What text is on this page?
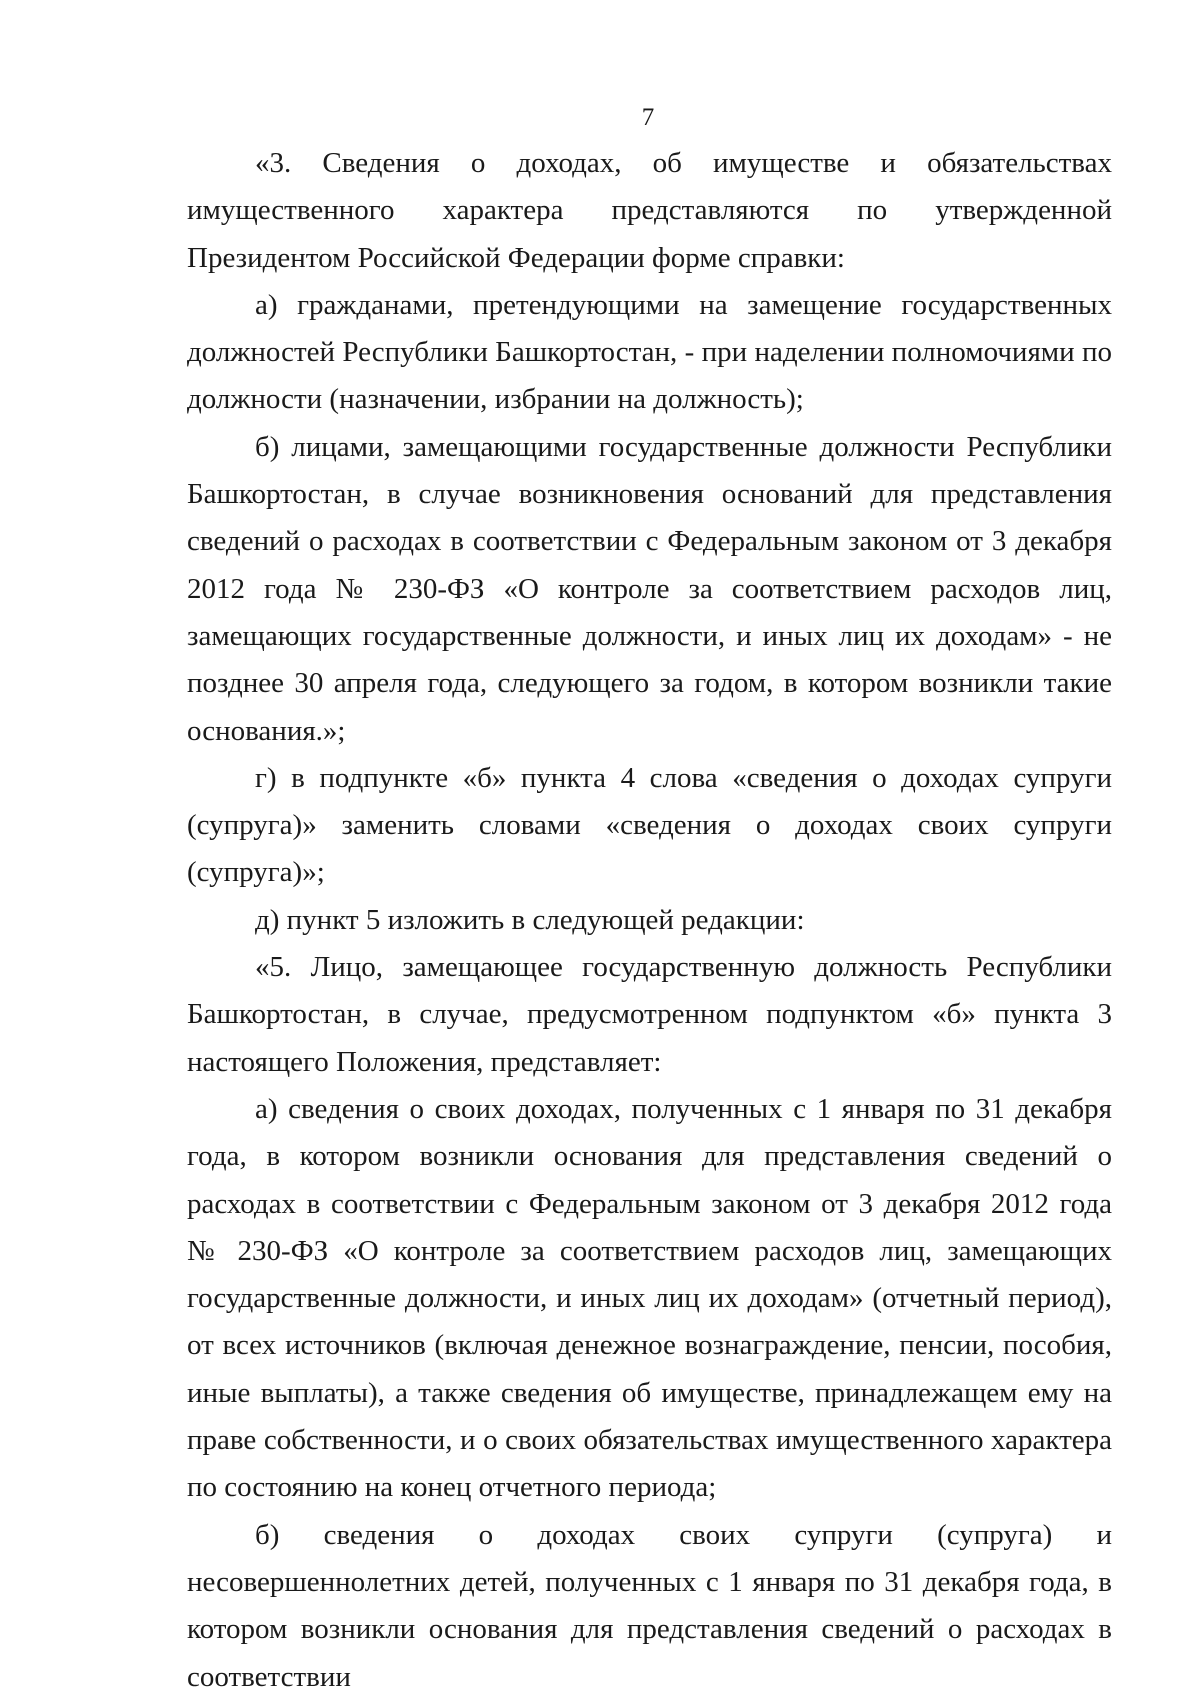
7

«3. Сведения о доходах, об имуществе и обязательствах имущественного характера представляются по утвержденной Президентом Российской Федерации форме справки:

а) гражданами, претендующими на замещение государственных должностей Республики Башкортостан, - при наделении полномочиями по должности (назначении, избрании на должность);

б) лицами, замещающими государственные должности Республики Башкортостан, в случае возникновения оснований для представления сведений о расходах в соответствии с Федеральным законом от 3 декабря 2012 года № 230-ФЗ «О контроле за соответствием расходов лиц, замещающих государственные должности, и иных лиц их доходам» - не позднее 30 апреля года, следующего за годом, в котором возникли такие основания.»;

г) в подпункте «б» пункта 4 слова «сведения о доходах супруги (супруга)» заменить словами «сведения о доходах своих супруги (супруга)»;

д) пункт 5 изложить в следующей редакции:

«5. Лицо, замещающее государственную должность Республики Башкортостан, в случае, предусмотренном подпунктом «б» пункта 3 настоящего Положения, представляет:

а) сведения о своих доходах, полученных с 1 января по 31 декабря года, в котором возникли основания для представления сведений о расходах в соответствии с Федеральным законом от 3 декабря 2012 года № 230-ФЗ «О контроле за соответствием расходов лиц, замещающих государственные должности, и иных лиц их доходам» (отчетный период), от всех источников (включая денежное вознаграждение, пенсии, пособия, иные выплаты), а также сведения об имуществе, принадлежащем ему на праве собственности, и о своих обязательствах имущественного характера по состоянию на конец отчетного периода;

б) сведения о доходах своих супруги (супруга) и несовершеннолетних детей, полученных с 1 января по 31 декабря года, в котором возникли основания для представления сведений о расходах в соответствии
